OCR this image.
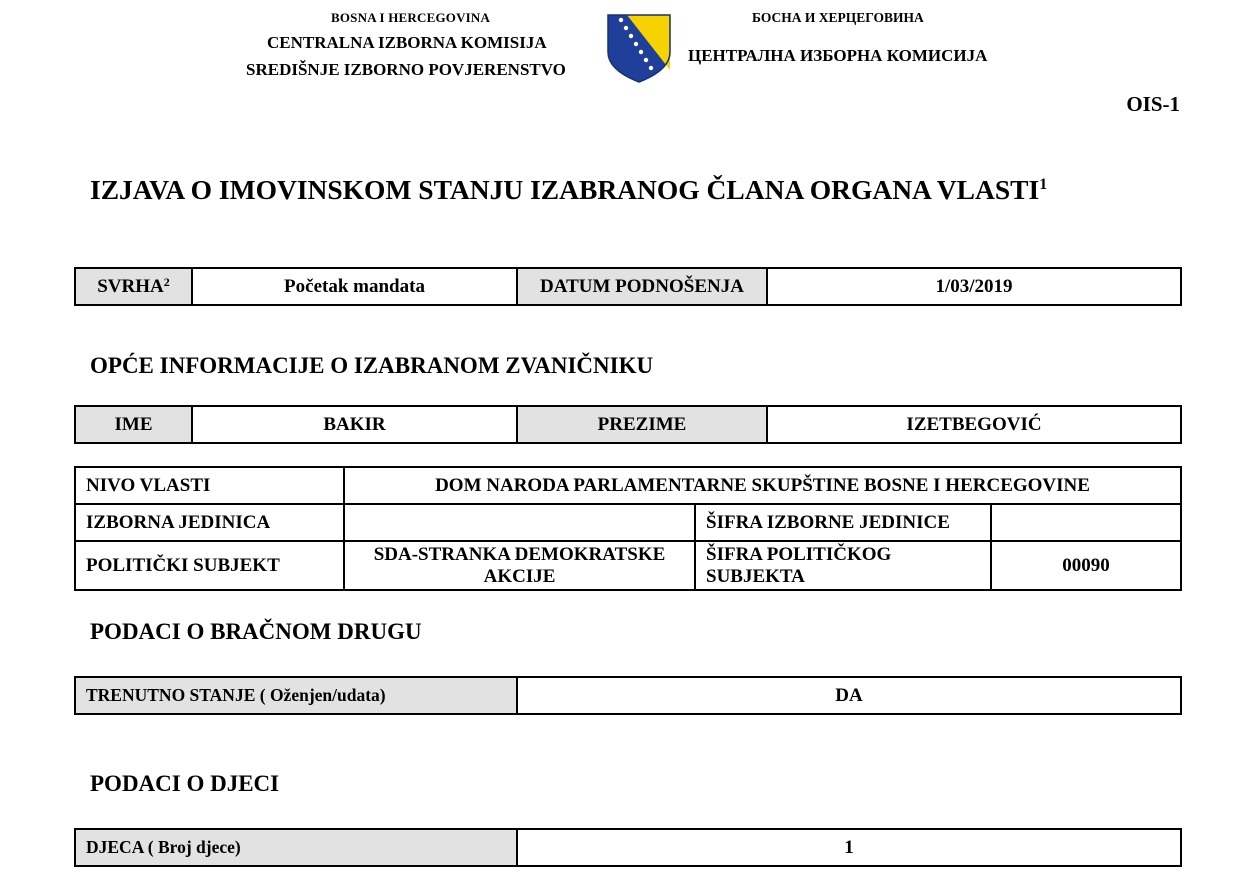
BOSNA I HERCEGOVINA
CENTRALNA IZBORNA KOMISIJA
SREDIŠNJE IZBORNO POVJERENSTVO
БОСНА И ХЕРЦЕГОВИНА
ЦЕНТРАЛНА ИЗБОРНА КОМИСИЈА
OIS-1
IZJAVA O IMOVINSKOM STANJU IZABRANOG ČLANA ORGANA VLASTI$^1$
SVRHA$^2$	Početak mandata	DATUM PODNOŠENJA	1/03/2019
OPĆE INFORMACIJE O IZABRANOM ZVANIČNIKU
IME	BAKIR	PREZIME	IZETBEGOVIĆ
NIVO VLASTI	DOM NARODA PARLAMENTARNE SKUPŠTINE BOSNE I HERCEGOVINE		
IZBORNA JEDINICA		ŠIFRA IZBORNE JEDINICE	
POLITIČKI SUBJEKT	SDA-STRANKA DEMOKRATSKE AKCIJE	ŠIFRA POLITIČKOG SUBJEKTA	00090
PODACI O BRAČNOM DRUGU
TRENUTNO STANJE ( Oženjen/udata)	DA
PODACI O DJECI
DJECA ( Broj djece)	1
